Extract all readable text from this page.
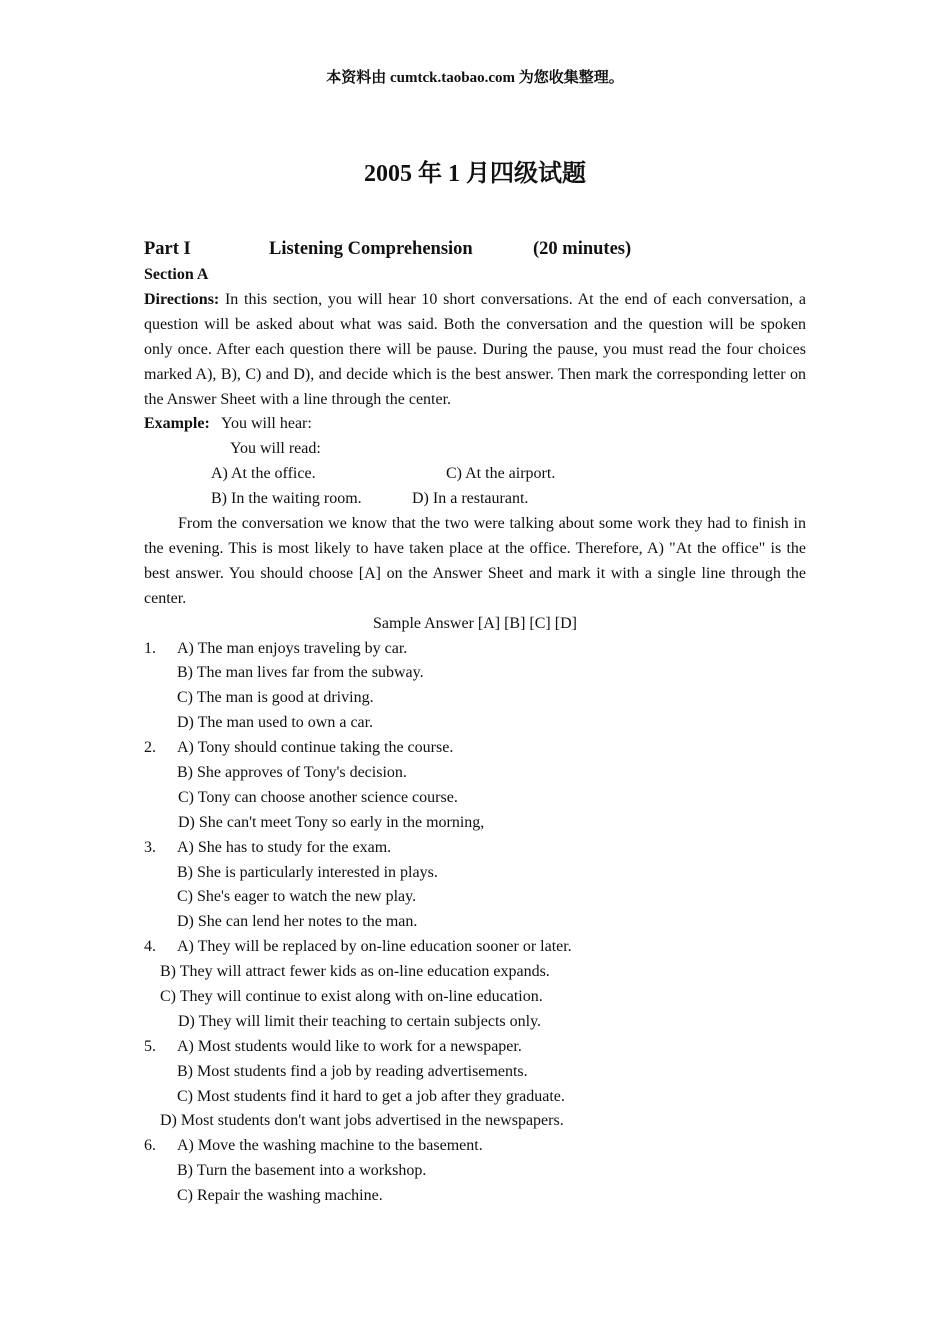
本资料由 cumtck.taobao.com 为您收集整理。
2005 年 1 月四级试题
Part I	Listening Comprehension	(20 minutes)
Section A
Directions: In this section, you will hear 10 short conversations. At the end of each conversation, a question will be asked about what was said. Both the conversation and the question will be spoken only once. After each question there will be pause. During the pause, you must read the four choices marked A), B), C) and D), and decide which is the best answer. Then mark the corresponding letter on the Answer Sheet with a line through the center.
Example: You will hear:
You will read:
A) At the office.	C) At the airport.
B) In the waiting room.	D) In a restaurant.
From the conversation we know that the two were talking about some work they had to finish in the evening. This is most likely to have taken place at the office. Therefore, A) "At the office" is the best answer. You should choose [A] on the Answer Sheet and mark it with a single line through the center.
Sample Answer [A] [B] [C] [D]
1. A) The man enjoys traveling by car.
B) The man lives far from the subway.
C) The man is good at driving.
D) The man used to own a car.
2. A) Tony should continue taking the course.
B) She approves of Tony's decision.
C) Tony can choose another science course.
D) She can't meet Tony so early in the morning,
3. A) She has to study for the exam.
B) She is particularly interested in plays.
C) She's eager to watch the new play.
D) She can lend her notes to the man.
4. A) They will be replaced by on-line education sooner or later.
B) They will attract fewer kids as on-line education expands.
C) They will continue to exist along with on-line education.
D) They will limit their teaching to certain subjects only.
5. A) Most students would like to work for a newspaper.
B) Most students find a job by reading advertisements.
C) Most students find it hard to get a job after they graduate.
D) Most students don't want jobs advertised in the newspapers.
6. A) Move the washing machine to the basement.
B) Turn the basement into a workshop.
C) Repair the washing machine.
